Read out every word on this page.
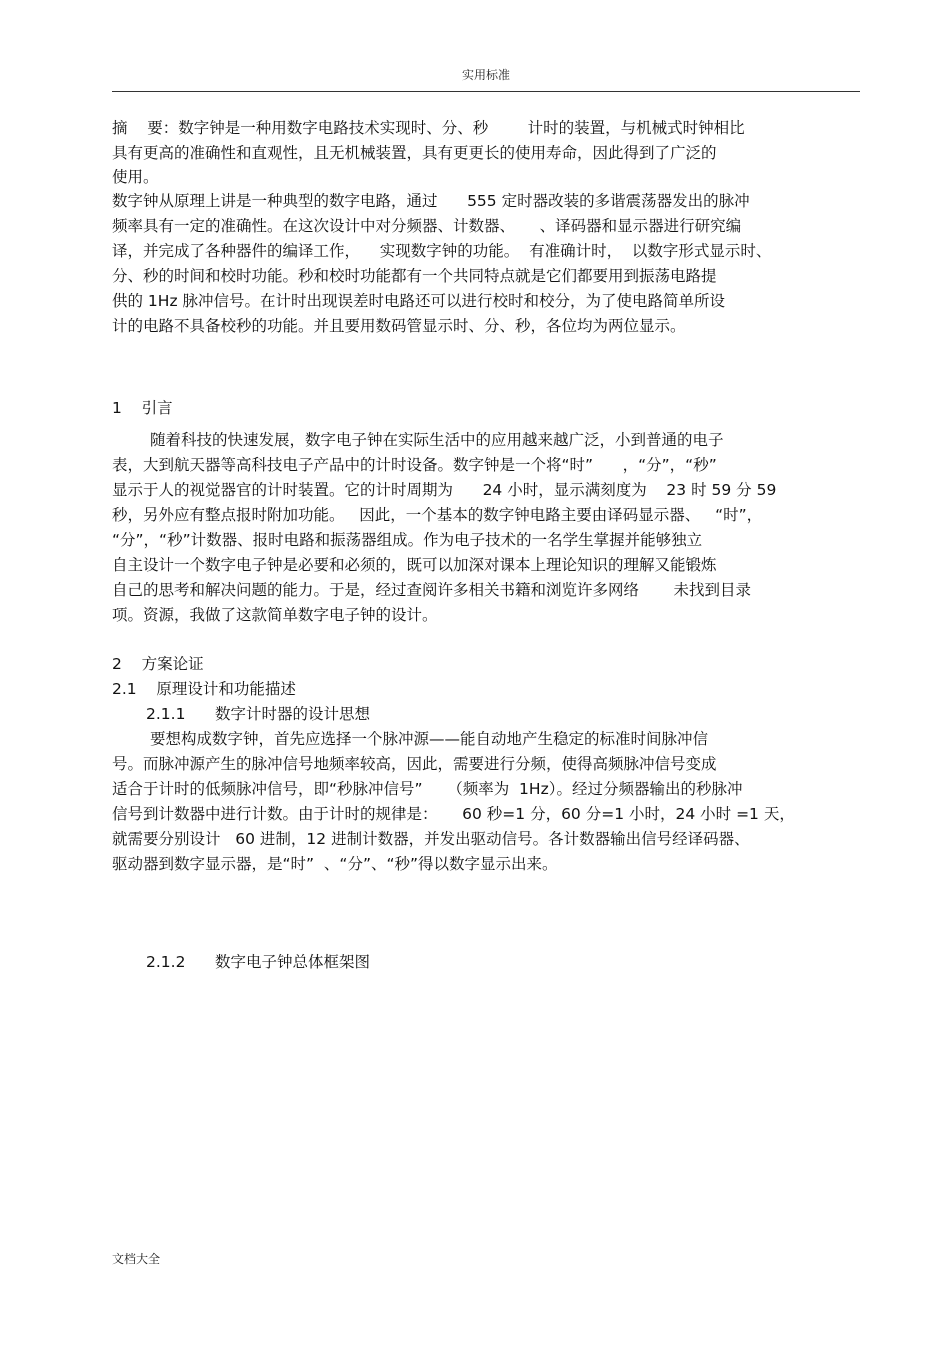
实用标准
摘    要：数字钟是一种用数字电路技术实现时、分、秒        计时的装置，与机械式时钟相比
具有更高的准确性和直观性，且无机械装置，具有更更长的使用寿命，因此得到了广泛的
使用。
数字钟从原理上讲是一种典型的数字电路，通过      555 定时器改装的多谐震荡器发出的脉冲
频率具有一定的准确性。在这次设计中对分频器、计数器、     、译码器和显示器进行研究编
译，并完成了各种器件的编译工作，    实现数字钟的功能。  有准确计时，  以数字形式显示时、
分、秒的时间和校时功能。秒和校时功能都有一个共同特点就是它们都要用到振荡电路提
供的 1Hz 脉冲信号。在计时出现误差时电路还可以进行校时和校分，为了使电路简单所设
计的电路不具备校秒的功能。并且要用数码管显示时、分、秒，各位均为两位显示。
1    引言
随着科技的快速发展，数字电子钟在实际生活中的应用越来越广泛，小到普通的电子
表，大到航天器等高科技电子产品中的计时设备。数字钟是一个将“时”      ，“分”，“秒”
显示于人的视觉器官的计时装置。它的计时周期为      24 小时，显示满刻度为    23 时 59 分 59
秒，另外应有整点报时附加功能。   因此，一个基本的数字钟电路主要由译码显示器、   “时”，
“分”，“秒”计数器、报时电路和振荡器组成。作为电子技术的一名学生掌握并能够独立
自主设计一个数字电子钟是必要和必须的，既可以加深对课本上理论知识的理解又能锻炼
自己的思考和解决问题的能力。于是，经过查阅许多相关书籍和浏览许多网络       未找到目录
项。资源，我做了这款简单数字电子钟的设计。
2    方案论证
2.1    原理设计和功能描述
2.1.1      数字计时器的设计思想
要想构成数字钟，首先应选择一个脉冲源——能自动地产生稳定的标准时间脉冲信
号。而脉冲源产生的脉冲信号地频率较高，因此，需要进行分频，使得高频脉冲信号变成
适合于计时的低频脉冲信号，即“秒脉冲信号”     （频率为  1Hz）。经过分频器输出的秒脉冲
信号到计数器中进行计数。由于计时的规律是：     60 秒=1 分，60 分=1 小时，24 小时 =1 天，
就需要分别设计   60 进制，12 进制计数器，并发出驱动信号。各计数器输出信号经译码器、
驱动器到数字显示器，是“时”  、“分”、“秒”得以数字显示出来。
2.1.2      数字电子钟总体框架图
文档大全
